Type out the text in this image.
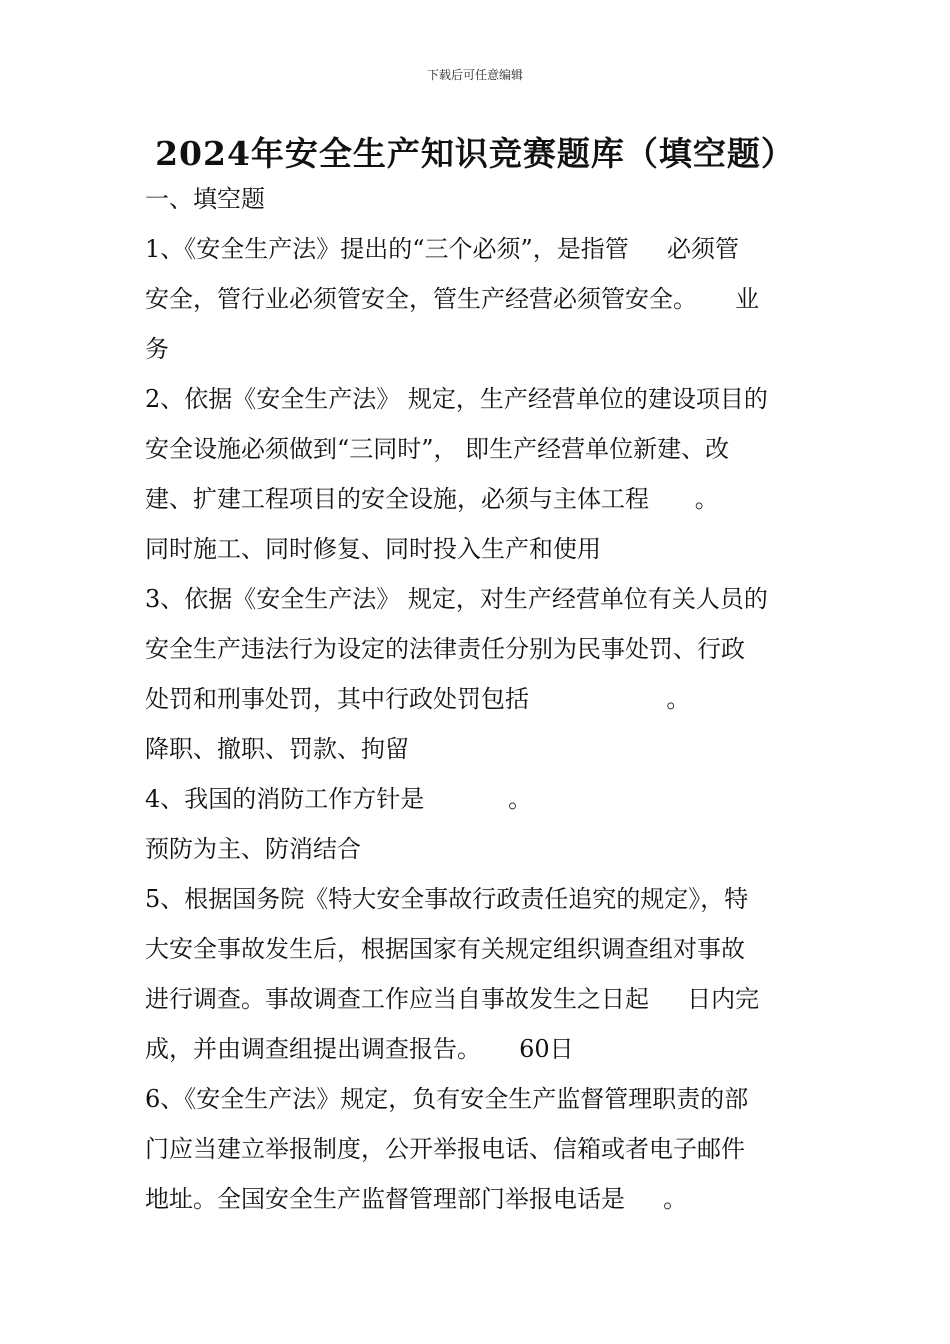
下载后可任意编辑
2024年安全生产知识竞赛题库（填空题）
一、填空题
1、《安全生产法》提出的“三个必须”，是指管     必须管
安全，管行业必须管安全，管生产经营必须管安全。     业
务
2、依据《安全生产法》 规定，生产经营单位的建设项目的
安全设施必须做到“三同时”， 即生产经营单位新建、改
建、扩建工程项目的安全设施，必须与主体工程      。
同时施工、同时修复、同时投入生产和使用
3、依据《安全生产法》 规定，对生产经营单位有关人员的
安全生产违法行为设定的法律责任分别为民事处罚、行政
处罚和刑事处罚，其中行政处罚包括                  。
降职、撤职、罚款、拘留
4、我国的消防工作方针是           。
预防为主、防消结合
5、根据国务院《特大安全事故行政责任追究的规定》，特
大安全事故发生后，根据国家有关规定组织调查组对事故
进行调查。事故调查工作应当自事故发生之日起     日内完
成，并由调查组提出调查报告。     60日
6、《安全生产法》规定，负有安全生产监督管理职责的部
门应当建立举报制度，公开举报电话、信箱或者电子邮件
地址。全国安全生产监督管理部门举报电话是     。
